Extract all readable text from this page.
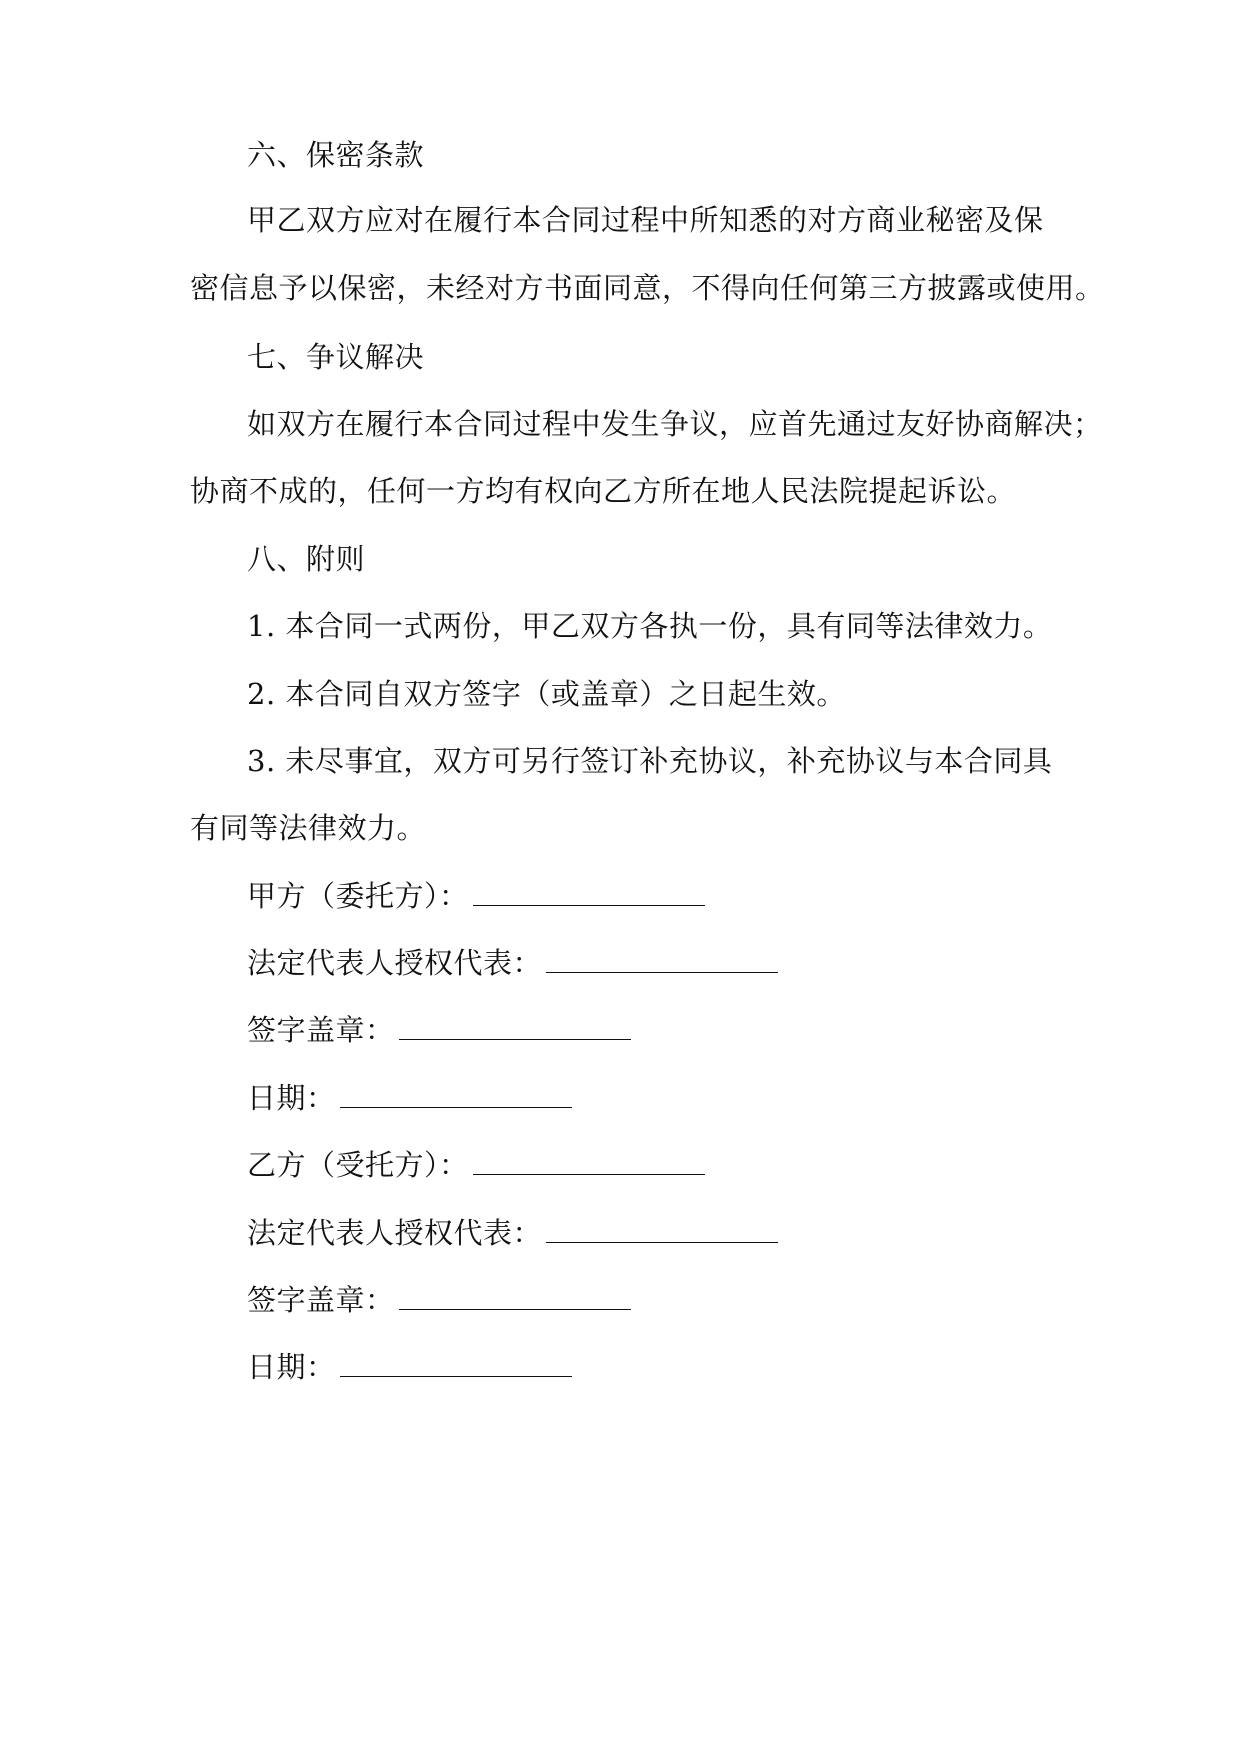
六、保密条款
甲乙双方应对在履行本合同过程中所知悉的对方商业秘密及保
密信息予以保密，未经对方书面同意，不得向任何第三方披露或使用。
七、争议解决
如双方在履行本合同过程中发生争议，应首先通过友好协商解决；
协商不成的，任何一方均有权向乙方所在地人民法院提起诉讼。
八、附则
1. 本合同一式两份，甲乙双方各执一份，具有同等法律效力。
2. 本合同自双方签字（或盖章）之日起生效。
3. 未尽事宜，双方可另行签订补充协议，补充协议与本合同具
有同等法律效力。
甲方（委托方）：
法定代表人授权代表：
签字盖章：
日期：
乙方（受托方）：
法定代表人授权代表：
签字盖章：
日期：
